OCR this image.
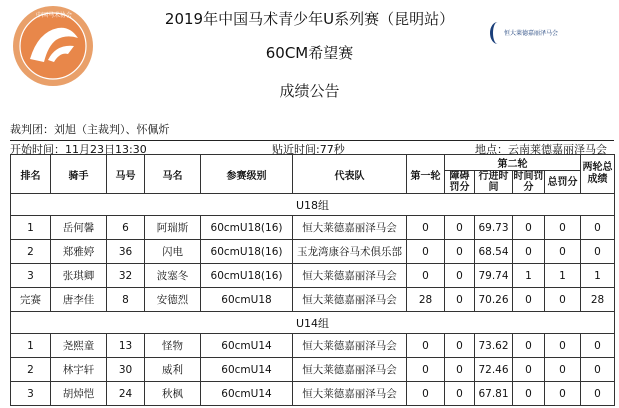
中国马术协会
恒大莱德嘉丽泽马会
2019年中国马术青少年U系列赛（昆明站）
60CM希望赛
成绩公告
裁判团：刘旭（主裁判）、怀佩炘
开始时间：11月23日13:30	贴近时间:77秒	地点：云南莱德嘉丽泽马会
排名	骑手	马号	马名	参赛级别	代表队	第一轮	第二轮				两轮总成绩
							障碍罚分	行进时间	时间罚分	总罚分	
U18组											
1	岳何馨	6	阿瑞斯	60cmU18(16)	恒大莱德嘉丽泽马会	0	0	69.73	0	0	0
2	郑雅婷	36	闪电	60cmU18(16)	玉龙湾康谷马术俱乐部	0	0	68.54	0	0	0
3	张琪卿	32	波塞冬	60cmU18(16)	恒大莱德嘉丽泽马会	0	0	79.74	1	1	1
完赛	唐李佳	8	安德烈	60cmU18	恒大莱德嘉丽泽马会	28	0	70.26	0	0	28
U14组											
1	尧熙童	13	怪物	60cmU14	恒大莱德嘉丽泽马会	0	0	73.62	0	0	0
2	林宇轩	30	威利	60cmU14	恒大莱德嘉丽泽马会	0	0	72.46	0	0	0
3	胡焯恺	24	秋枫	60cmU14	恒大莱德嘉丽泽马会	0	0	67.81	0	0	0
